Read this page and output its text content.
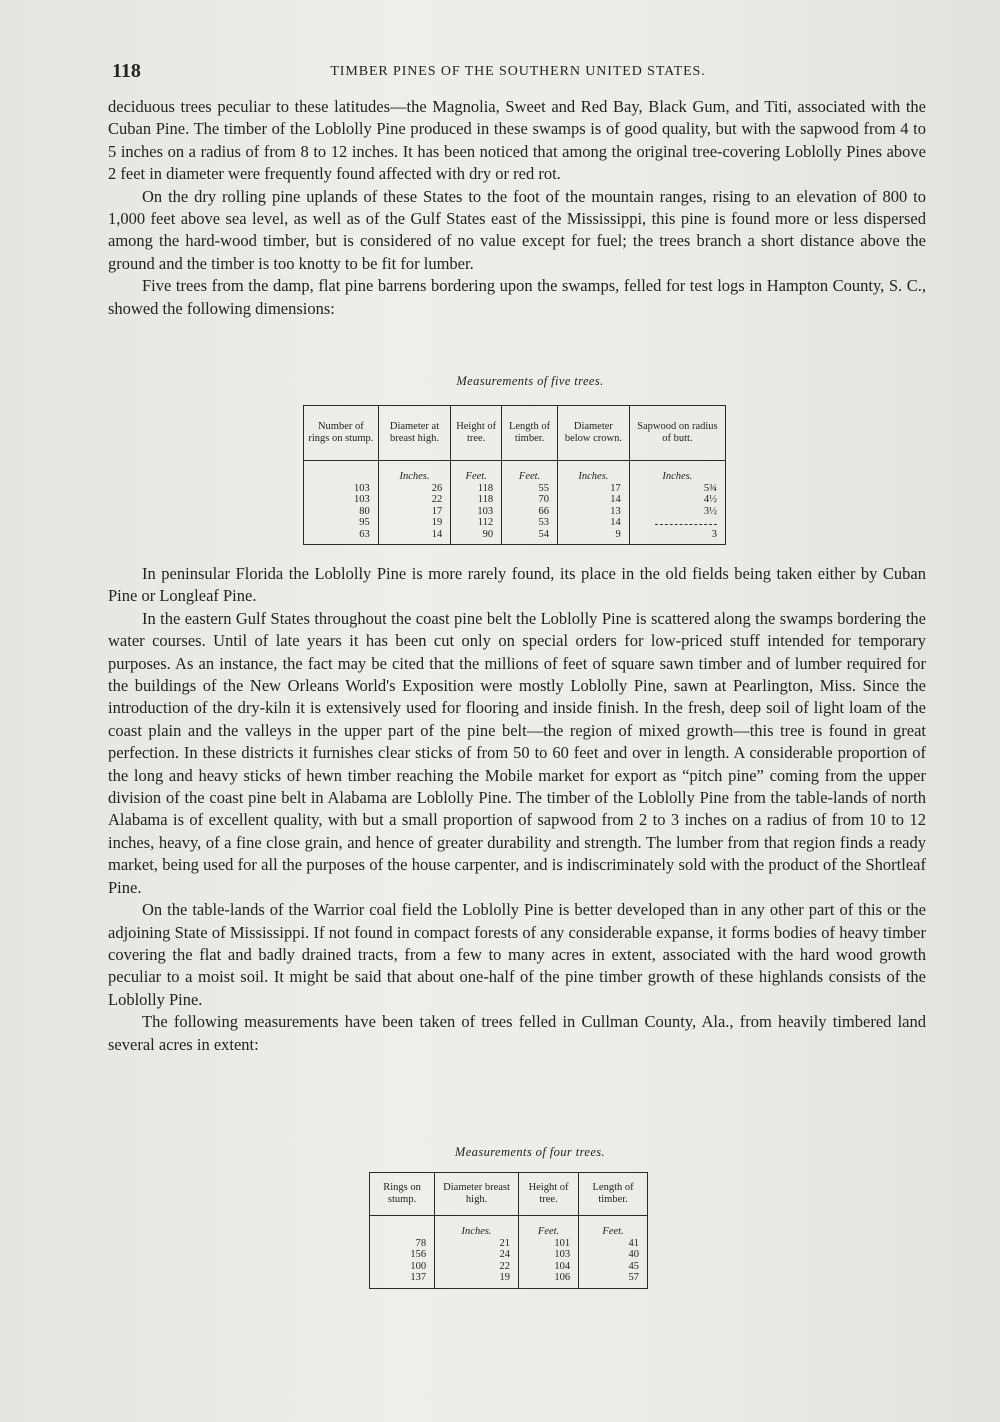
118	TIMBER PINES OF THE SOUTHERN UNITED STATES.

deciduous trees peculiar to these latitudes—the Magnolia, Sweet and Red Bay, Black Gum, and Titi, associated with the Cuban Pine. The timber of the Loblolly Pine produced in these swamps is of good quality, but with the sapwood from 4 to 5 inches on a radius of from 8 to 12 inches. It has been noticed that among the original tree-covering Loblolly Pines above 2 feet in diameter were frequently found affected with dry or red rot.

On the dry rolling pine uplands of these States to the foot of the mountain ranges, rising to an elevation of 800 to 1,000 feet above sea level, as well as of the Gulf States east of the Mississippi, this pine is found more or less dispersed among the hard-wood timber, but is considered of no value except for fuel; the trees branch a short distance above the ground and the timber is too knotty to be fit for lumber.

Five trees from the damp, flat pine barrens bordering upon the swamps, felled for test logs in Hampton County, S. C., showed the following dimensions:

Measurements of five trees.
Number of rings on stump.	Diameter at breast high.	Height of tree.	Length of timber.	Diameter below crown.	Sapwood on radius of butt.
	Inches.	Feet.	Feet.	Inches.	Inches.
103	26	118	55	17	5¾
103	22	118	70	14	4½
80	17	103	66	13	3½
95	19	112	53	14	
63	14	90	54	9	3

In peninsular Florida the Loblolly Pine is more rarely found, its place in the old fields being taken either by Cuban Pine or Longleaf Pine.

In the eastern Gulf States throughout the coast pine belt the Loblolly Pine is scattered along the swamps bordering the water courses. Until of late years it has been cut only on special orders for low-priced stuff intended for temporary purposes. As an instance, the fact may be cited that the millions of feet of square sawn timber and of lumber required for the buildings of the New Orleans World's Exposition were mostly Loblolly Pine, sawn at Pearlington, Miss. Since the introduction of the dry-kiln it is extensively used for flooring and inside finish. In the fresh, deep soil of light loam of the coast plain and the valleys in the upper part of the pine belt—the region of mixed growth—this tree is found in great perfection. In these districts it furnishes clear sticks of from 50 to 60 feet and over in length. A considerable proportion of the long and heavy sticks of hewn timber reaching the Mobile market for export as “pitch pine” coming from the upper division of the coast pine belt in Alabama are Loblolly Pine. The timber of the Loblolly Pine from the table-lands of north Alabama is of excellent quality, with but a small proportion of sapwood from 2 to 3 inches on a radius of from 10 to 12 inches, heavy, of a fine close grain, and hence of greater durability and strength. The lumber from that region finds a ready market, being used for all the purposes of the house carpenter, and is indiscriminately sold with the product of the Shortleaf Pine.

On the table-lands of the Warrior coal field the Loblolly Pine is better developed than in any other part of this or the adjoining State of Mississippi. If not found in compact forests of any considerable expanse, it forms bodies of heavy timber covering the flat and badly drained tracts, from a few to many acres in extent, associated with the hard wood growth peculiar to a moist soil. It might be said that about one-half of the pine timber growth of these highlands consists of the Loblolly Pine.

The following measurements have been taken of trees felled in Cullman County, Ala., from heavily timbered land several acres in extent:

Measurements of four trees.
Rings on stump.	Diameter breast high.	Height of tree.	Length of timber.
	Inches.	Feet.	Feet.
78	21	101	41
156	24	103	40
100	22	104	45
137	19	106	57
